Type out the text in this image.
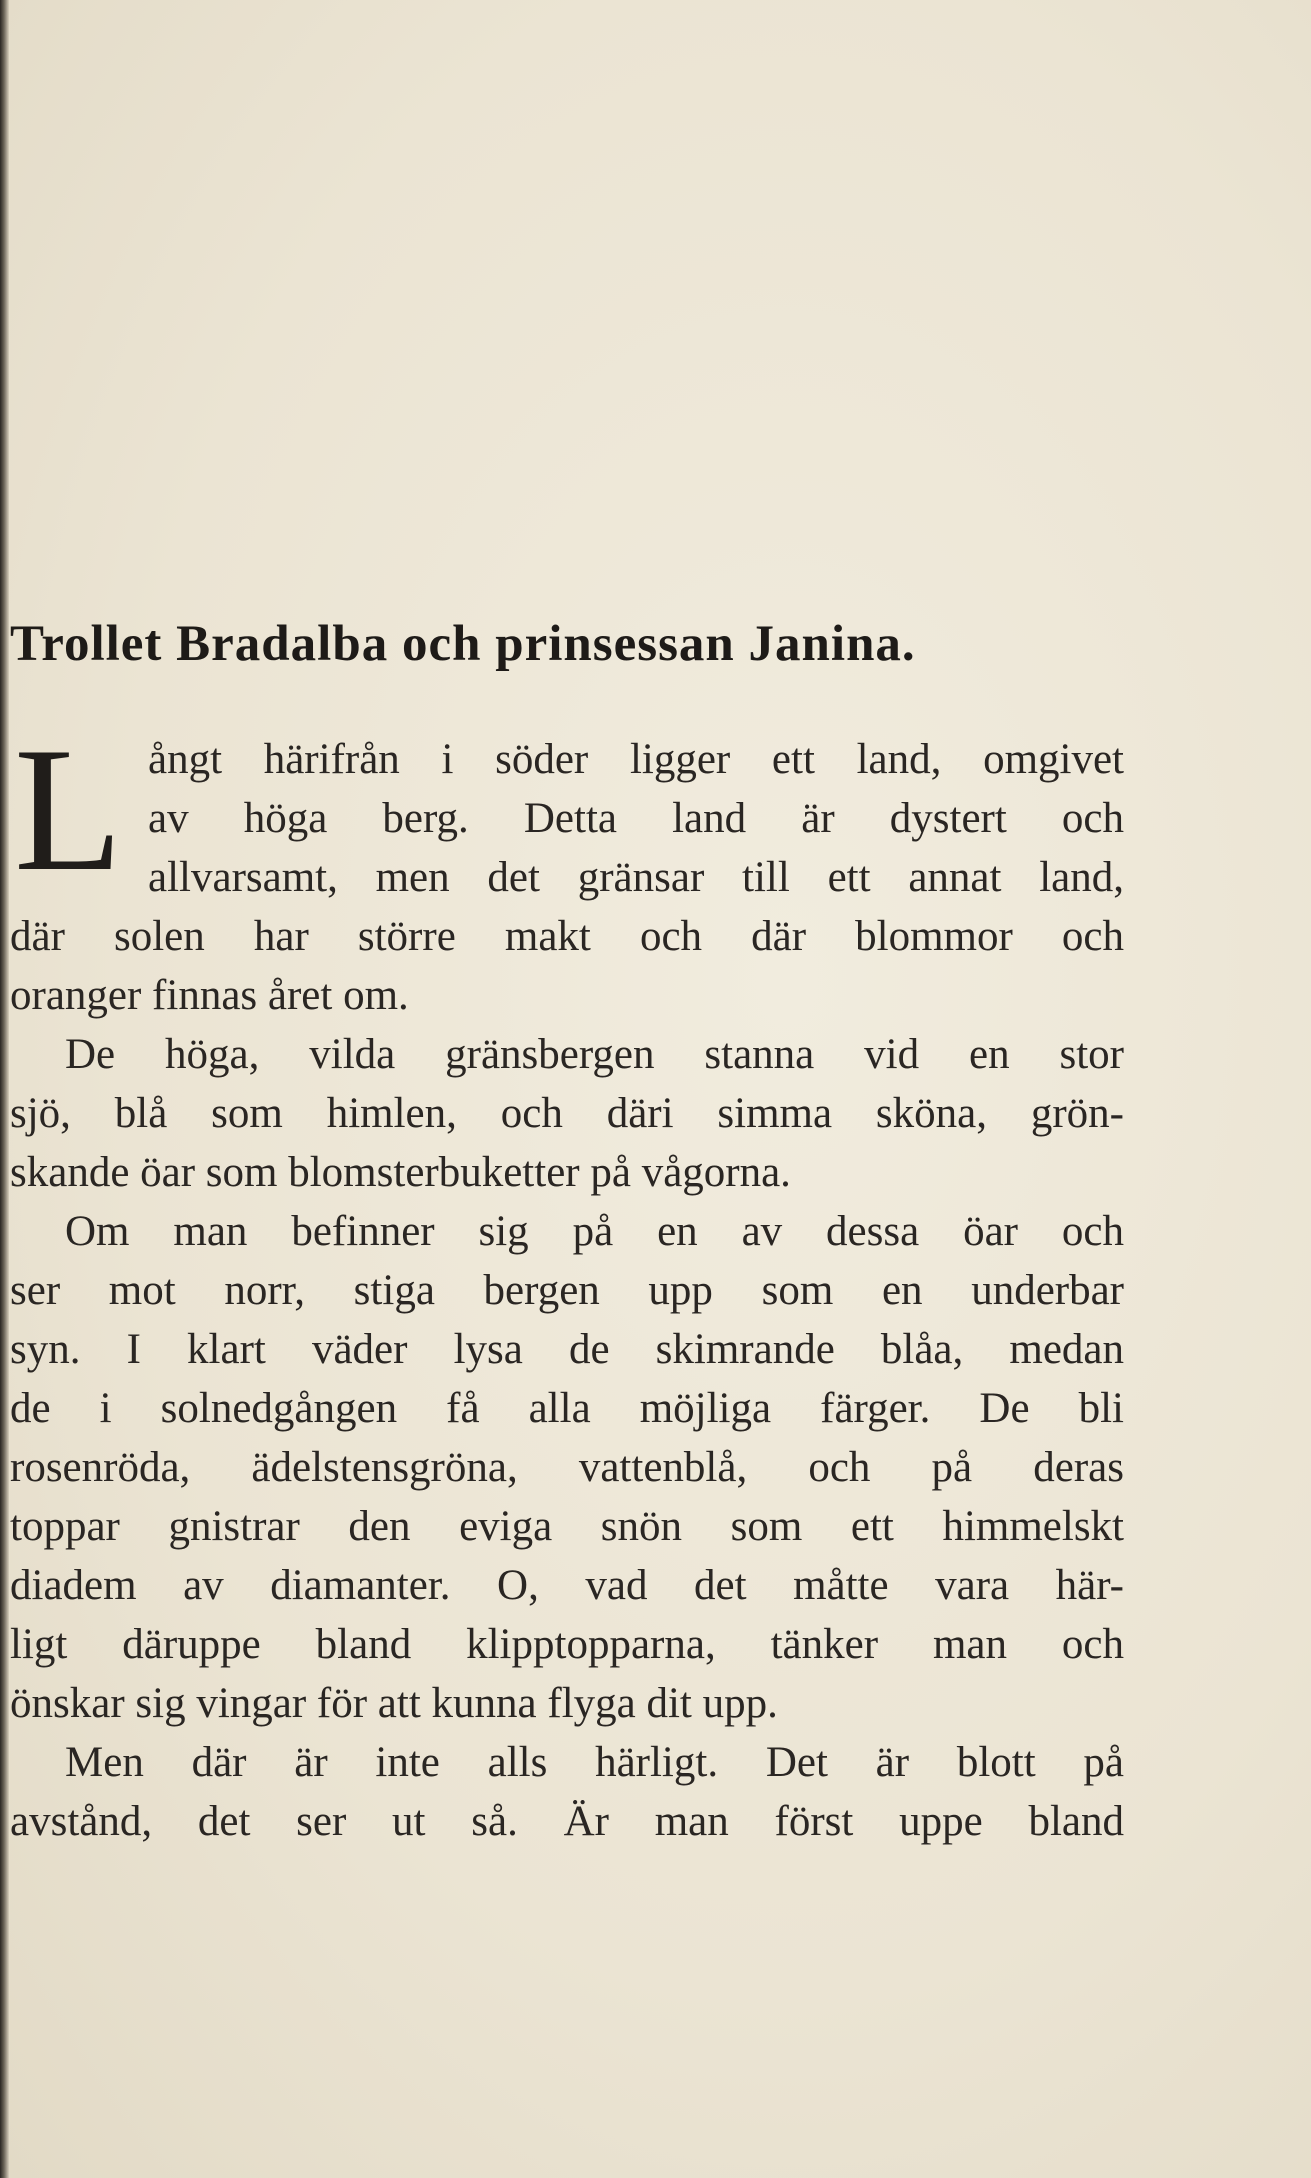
Trollet Bradalba och prinsessan Janina.
L ångt härifrån i söder ligger ett land, omgivet

av höga berg. Detta land är dystert och

allvarsamt, men det gränsar till ett annat land,

där solen har större makt och där blommor och

oranger finnas året om.

De höga, vilda gränsbergen stanna vid en stor

sjö, blå som himlen, och däri simma sköna, grön-

skande öar som blomsterbuketter på vågorna.

Om man befinner sig på en av dessa öar och

ser mot norr, stiga bergen upp som en underbar

syn. I klart väder lysa de skimrande blåa, medan

de i solnedgången få alla möjliga färger. De bli

rosenröda, ädelstensgröna, vattenblå, och på deras

toppar gnistrar den eviga snön som ett himmelskt

diadem av diamanter. O, vad det måtte vara här-

ligt däruppe bland klipptopparna, tänker man och

önskar sig vingar för att kunna flyga dit upp.

Men där är inte alls härligt. Det är blott på

avstånd, det ser ut så. Är man först uppe bland
